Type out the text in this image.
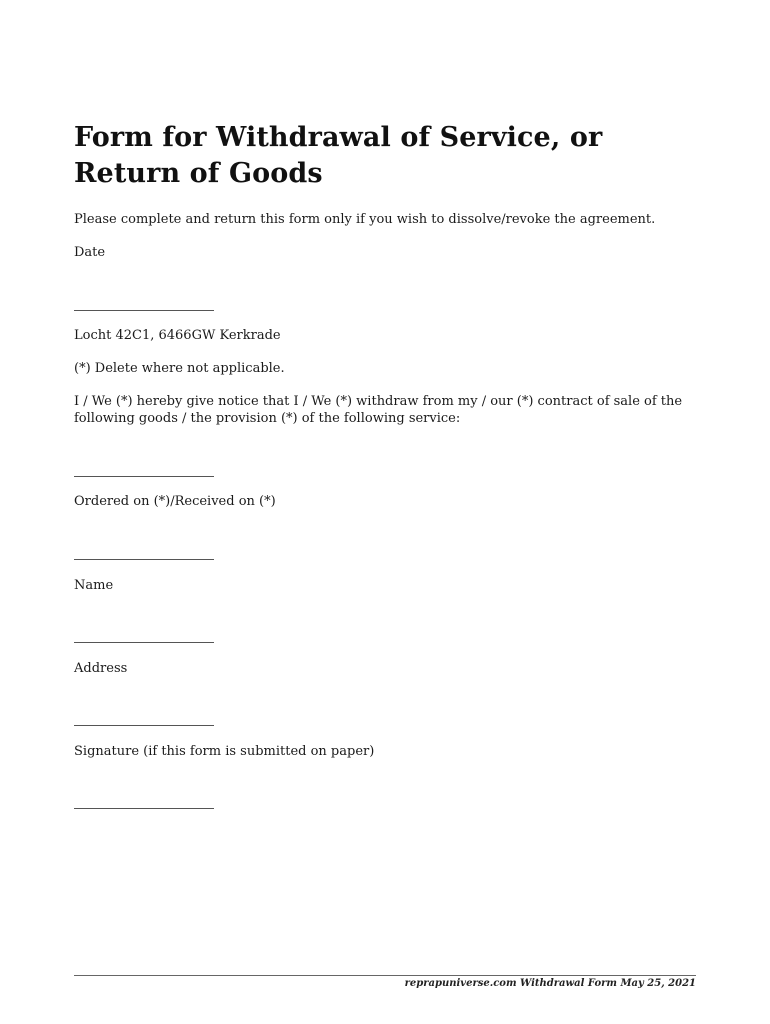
Form for Withdrawal of Service, or Return of Goods

Please complete and return this form only if you wish to dissolve/revoke the agreement.

Date

Locht 42C1, 6466GW Kerkrade

(*) Delete where not applicable.

I / We (*) hereby give notice that I / We (*) withdraw from my / our (*) contract of sale of the following goods / the provision (*) of the following service:

Ordered on (*)/Received on (*)

Name

Address

Signature (if this form is submitted on paper)

reprapuniverse.com Withdrawal Form May 25, 2021
